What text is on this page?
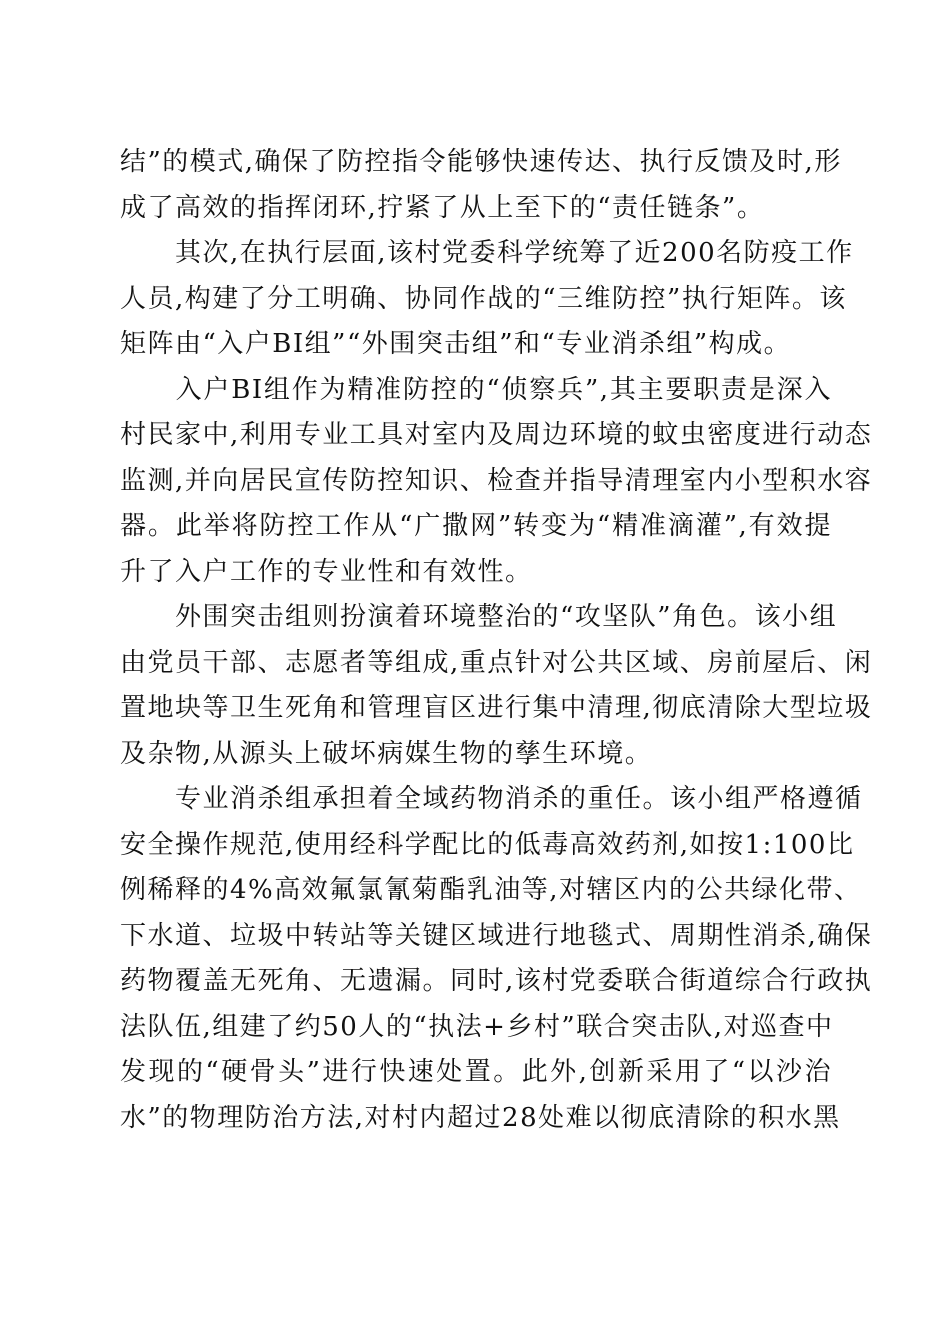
结”的模式,确保了防控指令能够快速传达、执行反馈及时,形
成了高效的指挥闭环,拧紧了从上至下的“责任链条”。
　　其次,在执行层面,该村党委科学统筹了近200名防疫工作
人员,构建了分工明确、协同作战的“三维防控”执行矩阵。该
矩阵由“入户BI组”“外围突击组”和“专业消杀组”构成。
　　入户BI组作为精准防控的“侦察兵”,其主要职责是深入
村民家中,利用专业工具对室内及周边环境的蚊虫密度进行动态
监测,并向居民宣传防控知识、检查并指导清理室内小型积水容
器。此举将防控工作从“广撒网”转变为“精准滴灌”,有效提
升了入户工作的专业性和有效性。
　　外围突击组则扮演着环境整治的“攻坚队”角色。该小组
由党员干部、志愿者等组成,重点针对公共区域、房前屋后、闲
置地块等卫生死角和管理盲区进行集中清理,彻底清除大型垃圾
及杂物,从源头上破坏病媒生物的孳生环境。
　　专业消杀组承担着全域药物消杀的重任。该小组严格遵循
安全操作规范,使用经科学配比的低毒高效药剂,如按1:100比
例稀释的4%高效氟氯氰菊酯乳油等,对辖区内的公共绿化带、
下水道、垃圾中转站等关键区域进行地毯式、周期性消杀,确保
药物覆盖无死角、无遗漏。同时,该村党委联合街道综合行政执
法队伍,组建了约50人的“执法+乡村”联合突击队,对巡查中
发现的“硬骨头”进行快速处置。此外,创新采用了“以沙治
水”的物理防治方法,对村内超过28处难以彻底清除的积水黑
